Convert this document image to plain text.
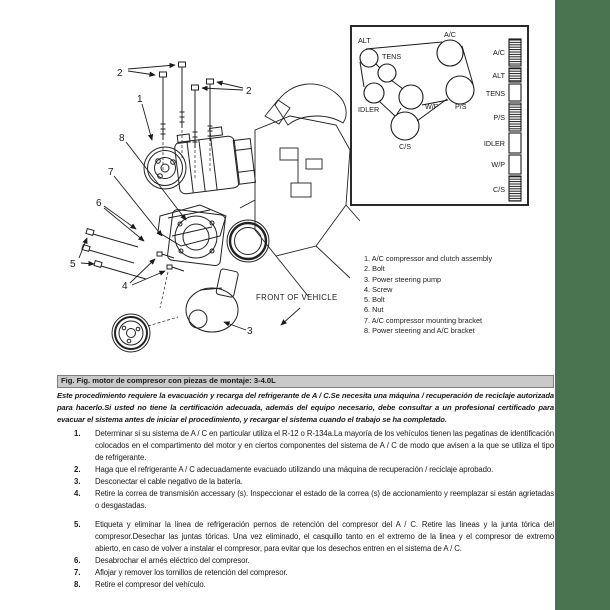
2
2
1
8
7
6
5
4
3
FRONT OF VEHICLE
ALT
TENS
A/C
IDLER	W/P P/S
C/S
A/C
ALT
TENS
P/S
IDLER
W/P
C/S
1. A/C compressor and clutch assembly
2. Bolt
3. Power steering pump
4. Screw
5. Bolt
6. Nut
7. A/C compressor mounting bracket
8. Power steering and A/C bracket
Fig. Fig. motor de compresor con piezas de montaje: 3-4.0L
Este procedimiento requiere la evacuación y recarga del refrigerante de A / C.Se necesita una máquina / recuperación de reciclaje autorizada para hacerlo.Si usted no tiene la certificación adecuada, además del equipo necesario, debe consultar a un profesional certificado para evacuar el sistema antes de iniciar el procedimiento, y recargar el sistema cuando el trabajo se ha completado.
1.	Determinar si su sistema de A / C en particular utiliza el R-12 o R-134a.La mayoría de los vehículos tienen las pegatinas de identificación colocados en el compartimento del motor y en ciertos componentes del sistema de A / C de modo que avisen a la que se utiliza el tipo de refrigerante.
2.	Haga que el refrigerante A / C adecuadamente evacuado utilizando una máquina de recuperación / reciclaje aprobado.
3.	Desconectar el cable negativo de la batería.
4.	Retire la correa de transmisión accessary (s). Inspeccionar el estado de la correa (s) de accionamiento y reemplazar si están agrietadas o desgastadas.
5.	Etiqueta y eliminar la linea de refrigeración pernos de retención del compresor del A / C. Retire las lineas y la junta tórica del compresor.Desechar las juntas tóricas. Una vez eliminado, el casquillo tanto en el extremo de la linea y el compresor de extremo abierto, en caso de volver a instalar el compresor, para evitar que los desechos entren en el sistema de A / C.
6.	Desabrochar el arnés eléctrico del compresor.
7.	Aflojar y remover los tornillos de retención del compresor.
8.	Retire el compresor del vehículo.
